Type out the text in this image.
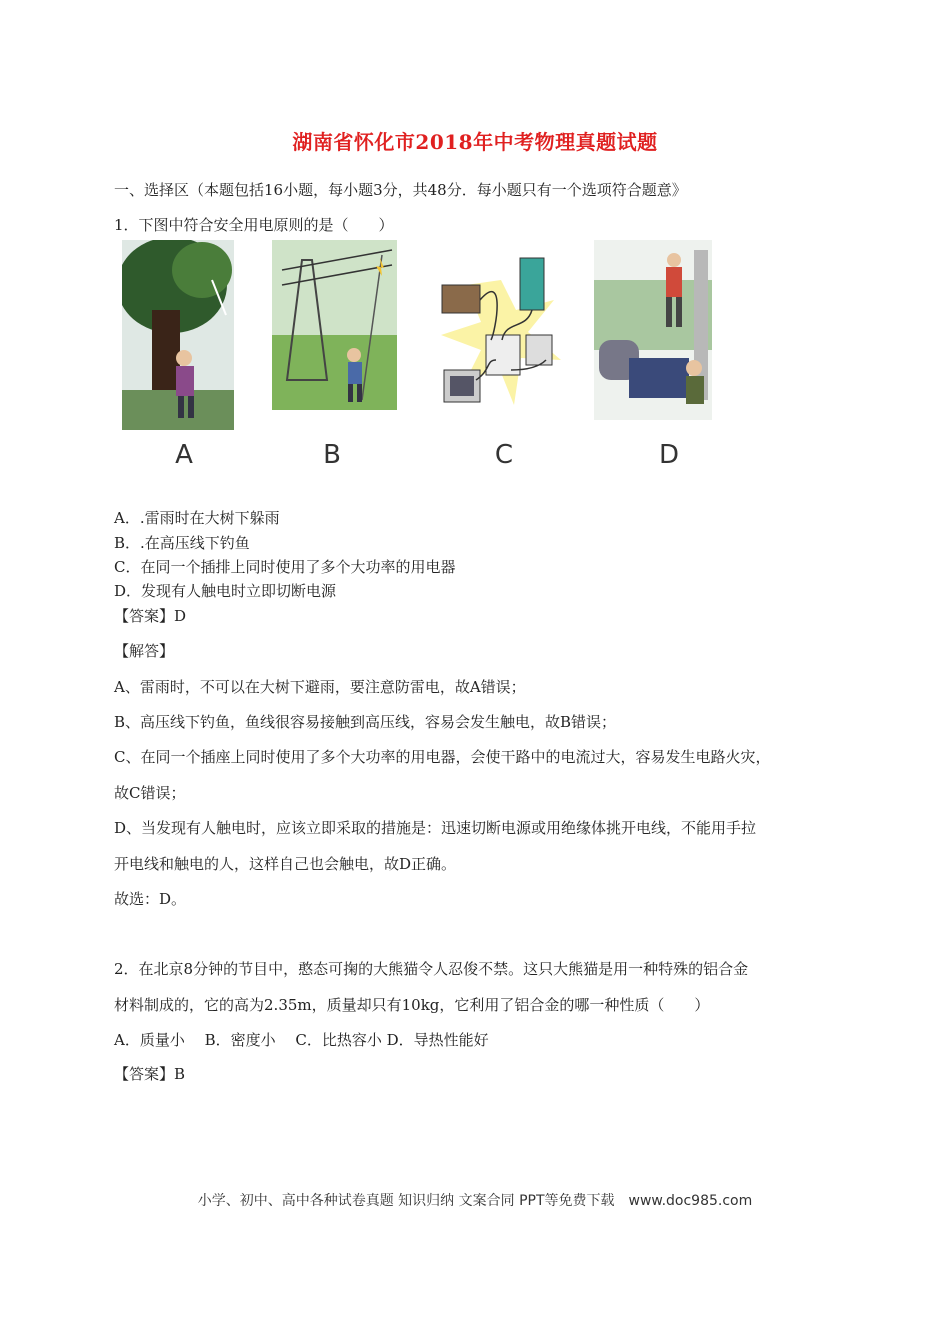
湖南省怀化市2018年中考物理真题试题
一、选择区（本题包括16小题，每小题3分，共48分．每小题只有一个选项符合题意》
1．下图中符合安全用电原则的是（　　）
A	B	C	D
A．.雷雨时在大树下躲雨
B．.在高压线下钓鱼
C．在同一个插排上同时使用了多个大功率的用电器
D．发现有人触电时立即切断电源
【答案】D
【解答】
A、雷雨时，不可以在大树下避雨，要注意防雷电，故A错误；
B、高压线下钓鱼，鱼线很容易接触到高压线，容易会发生触电，故B错误；
C、在同一个插座上同时使用了多个大功率的用电器，会使干路中的电流过大，容易发生电路火灾，
故C错误；
D、当发现有人触电时，应该立即采取的措施是：迅速切断电源或用绝缘体挑开电线，不能用手拉
开电线和触电的人，这样自己也会触电，故D正确。
故选：D。
2．在北京8分钟的节目中，憨态可掬的大熊猫令人忍俊不禁。这只大熊猫是用一种特殊的铝合金
材料制成的，它的高为2.35m，质量却只有10kg，它利用了铝合金的哪一种性质（　　）
A．质量小　 B．密度小　 C．比热容小 D．导热性能好
【答案】B
小学、初中、高中各种试卷真题 知识归纳 文案合同 PPT等免费下载　www.doc985.com
